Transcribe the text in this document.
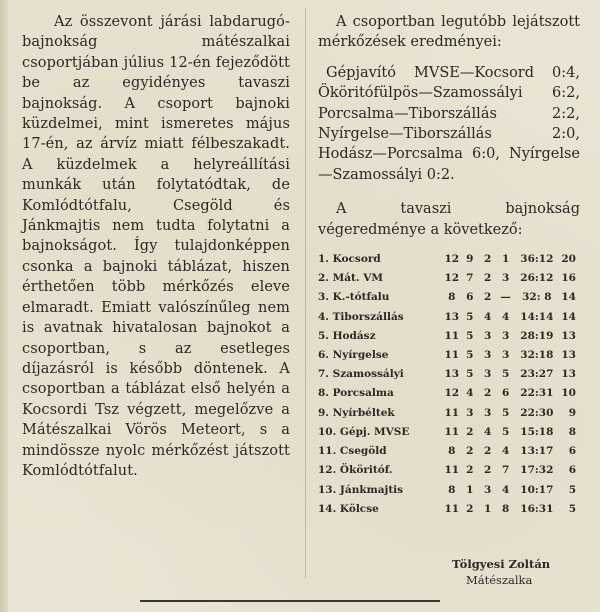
Az összevont járási labdarugó-bajnokság mátészalkai csoportjában július 12-én fejeződött be az egyidényes tavaszi bajnokság. A csoport bajnoki küzdelmei, mint ismeretes május 17-én, az árvíz miatt félbeszakadt. A küzdelmek a helyreállítási munkák után folytatódtak, de Komlódtótfalu, Csegöld és Jánkmajtis nem tudta folytatni a bajnokságot. Így tulajdonképpen csonka a bajnoki táblázat, hiszen érthetően több mérkőzés eleve elmaradt. Emiatt valószínűleg nem is avatnak hivatalosan bajnokot a csoportban, s az esetleges díjazásról is később döntenek. A csoportban a táblázat első helyén a Kocsordi Tsz végzett, megelőzve a Mátészalkai Vörös Meteort, s a mindössze nyolc mérkőzést játszott Komlódtótfalut.

A csoportban legutóbb lejátszott mérkőzések eredményei:

Gépjavító MVSE—Kocsord 0:4, Ököritófülpös—Szamossályi 6:2, Porcsalma—Tiborszállás 2:2, Nyírgelse—Tiborszállás 2:0, Hodász—Porcsalma 6:0, Nyírgelse—Szamossályi 0:2.

A tavaszi bajnokság végeredménye a következő:

1. Kocsord	12	9	2	1	36:12	20
2. Mát. VM	12	7	2	3	26:12	16
3. K.-tótfalu	8	6	2	—	32: 8	14
4. Tiborszállás	13	5	4	4	14:14	14
5. Hodász	11	5	3	3	28:19	13
6. Nyírgelse	11	5	3	3	32:18	13
7. Szamossályi	13	5	3	5	23:27	13
8. Porcsalma	12	4	2	6	22:31	10
9. Nyírbéltek	11	3	3	5	22:30	9
10. Gépj. MVSE	11	2	4	5	15:18	8
11. Csegöld	8	2	2	4	13:17	6
12. Ököritóf.	11	2	2	7	17:32	6
13. Jánkmajtis	8	1	3	4	10:17	5
14. Kölcse	11	2	1	8	16:31	5
Tölgyesi Zoltán
Mátészalka
